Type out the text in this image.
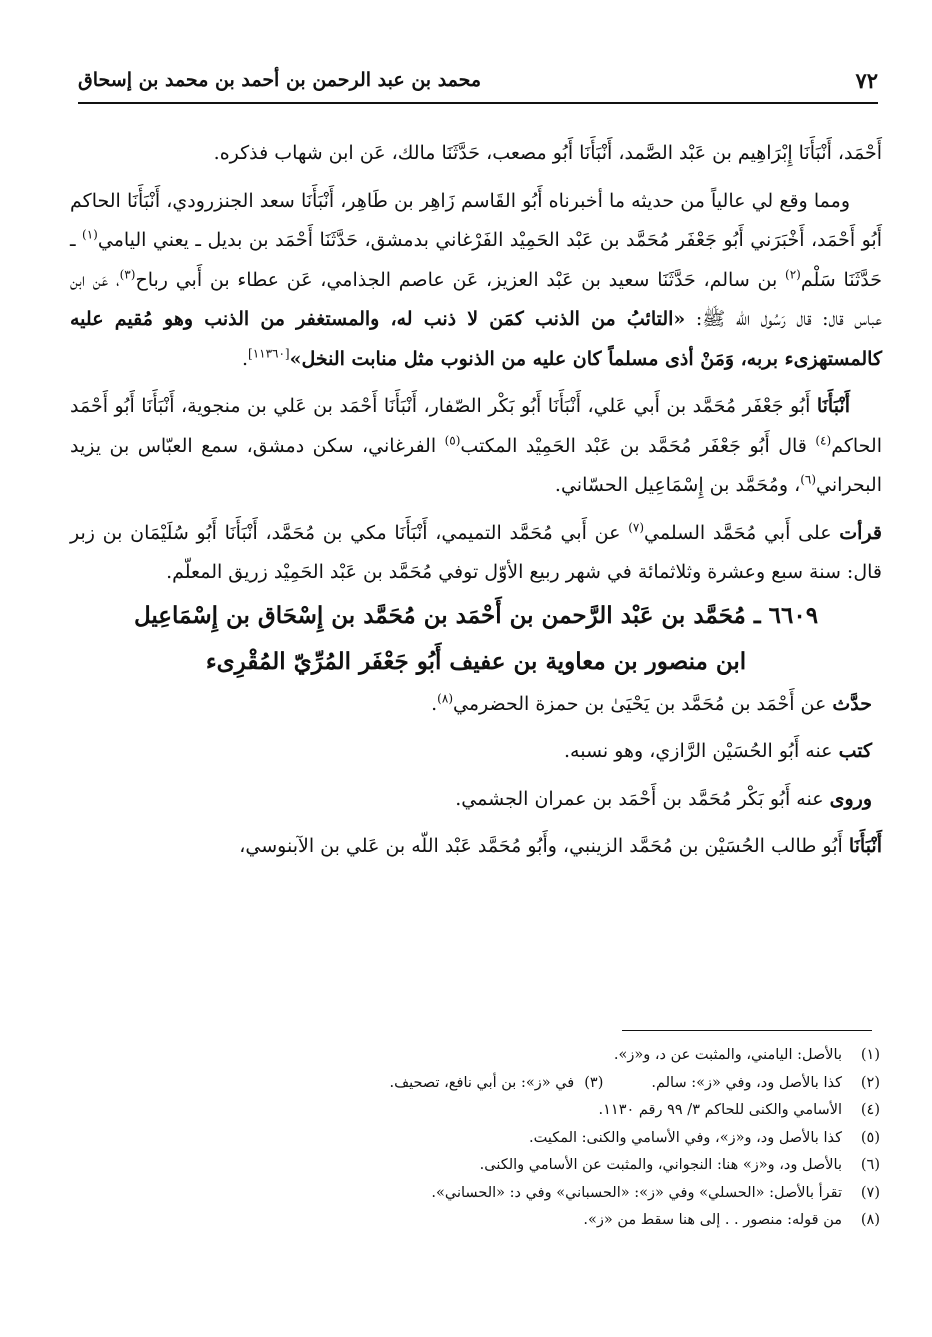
٧٢
محمد بن عبد الرحمن بن أحمد بن محمد بن إسحاق

أَحْمَد، أَنْبَأَنَا إِبْرَاهِيم بن عَبْد الصَّمد، أَنْبَأَنَا أَبُو مصعب، حَدَّثَنَا مالك، عَن ابن شهاب فذكره.

ومما وقع لي عالياً من حديثه ما أخبرناه أَبُو القَاسم زَاهِر بن طَاهِر، أَنْبَأَنَا سعد الجنزرودي، أَنْبَأَنَا الحاكم أَبُو أَحْمَد، أَخْبَرَني أَبُو جَعْفَر مُحَمَّد بن عَبْد الحَمِيْد الفَرْغاني بدمشق، حَدَّثَنَا أَحْمَد بن بديل ـ يعني اليامي$^{(١)}$ ـ حَدَّثَنَا سَلْم$^{(٢)}$ بن سالم، حَدَّثَنَا سعيد بن عَبْد العزيز، عَن عاصم الجذامي، عَن عطاء بن أَبي رباح$^{(٣)}$، عَن ابن عباس قال: قال رَسُول الله ﷺ: «التائبُ من الذنب كمَن لا ذنب له، والمستغفر من الذنب وهو مُقيم عليه كالمستهزىء بربه، وَمَنْ أذى مسلماً كان عليه من الذنوب مثل منابت النخل»[١١٣٦٠].

أَنْبَأَنَا أَبُو جَعْفَر مُحَمَّد بن أَبي عَلي، أَنْبَأَنَا أَبُو بَكْر الصّفار، أَنْبَأَنَا أَحْمَد بن عَلي بن منجوية، أَنْبَأَنَا أَبُو أَحْمَد الحاكم$^{(٤)}$ قال أَبُو جَعْفَر مُحَمَّد بن عَبْد الحَمِيْد المكتب$^{(٥)}$ الفرغاني، سكن دمشق، سمع العبّاس بن يزيد البحراني$^{(٦)}$، ومُحَمَّد بن إِسْمَاعِيل الحسّاني.

قرأت على أَبي مُحَمَّد السلمي$^{(٧)}$ عن أَبي مُحَمَّد التميمي، أَنْبَأَنَا مكي بن مُحَمَّد، أَنْبَأَنَا أَبُو سُلَيْمَان بن زبر قال: سنة سبع وعشرة وثلاثمائة في شهر ربيع الأوّل توفي مُحَمَّد بن عَبْد الحَمِيْد زريق المعلّم.

٦٦٠٩ ـ مُحَمَّد بن عَبْد الرَّحمن بن أَحْمَد بن مُحَمَّد بن إِسْحَاق بن إِسْمَاعِيل
ابن منصور بن معاوية بن عفيف أَبُو جَعْفَر المُرِّيّ المُقْرِىء

حدَّث عن أَحْمَد بن مُحَمَّد بن يَحْيَىٰ بن حمزة الحضرمي$^{(٨)}$.

كتب عنه أَبُو الحُسَيْن الرَّازي، وهو نسبه.

وروى عنه أَبُو بَكْر مُحَمَّد بن أَحْمَد بن عمران الجشمي.

أَنْبَأَنَا أَبُو طالب الحُسَيْن بن مُحَمَّد الزينبي، وأَبُو مُحَمَّد عَبْد اللّه بن عَلي بن الآبنوسي،

(١)
بالأصل: اليامني، والمثبت عن د، و«ز».
(٢)
كذا بالأصل ود، وفي «ز»: سالم.
(٣)
في «ز»: بن أبي نافع، تصحيف.
(٤)
الأسامي والكنى للحاكم ٣/ ٩٩ رقم ١١٣٠.
(٥)
كذا بالأصل ود، و«ز»، وفي الأسامي والكنى: المكيت.
(٦)
بالأصل ود، و«ز» هنا: النجواني، والمثبت عن الأسامي والكنى.
(٧)
تقرأ بالأصل: «الحسلي» وفي «ز»: «الحسباني» وفي د: «الحساني».
(٨)
من قوله: منصور . . إلى هنا سقط من «ز».
